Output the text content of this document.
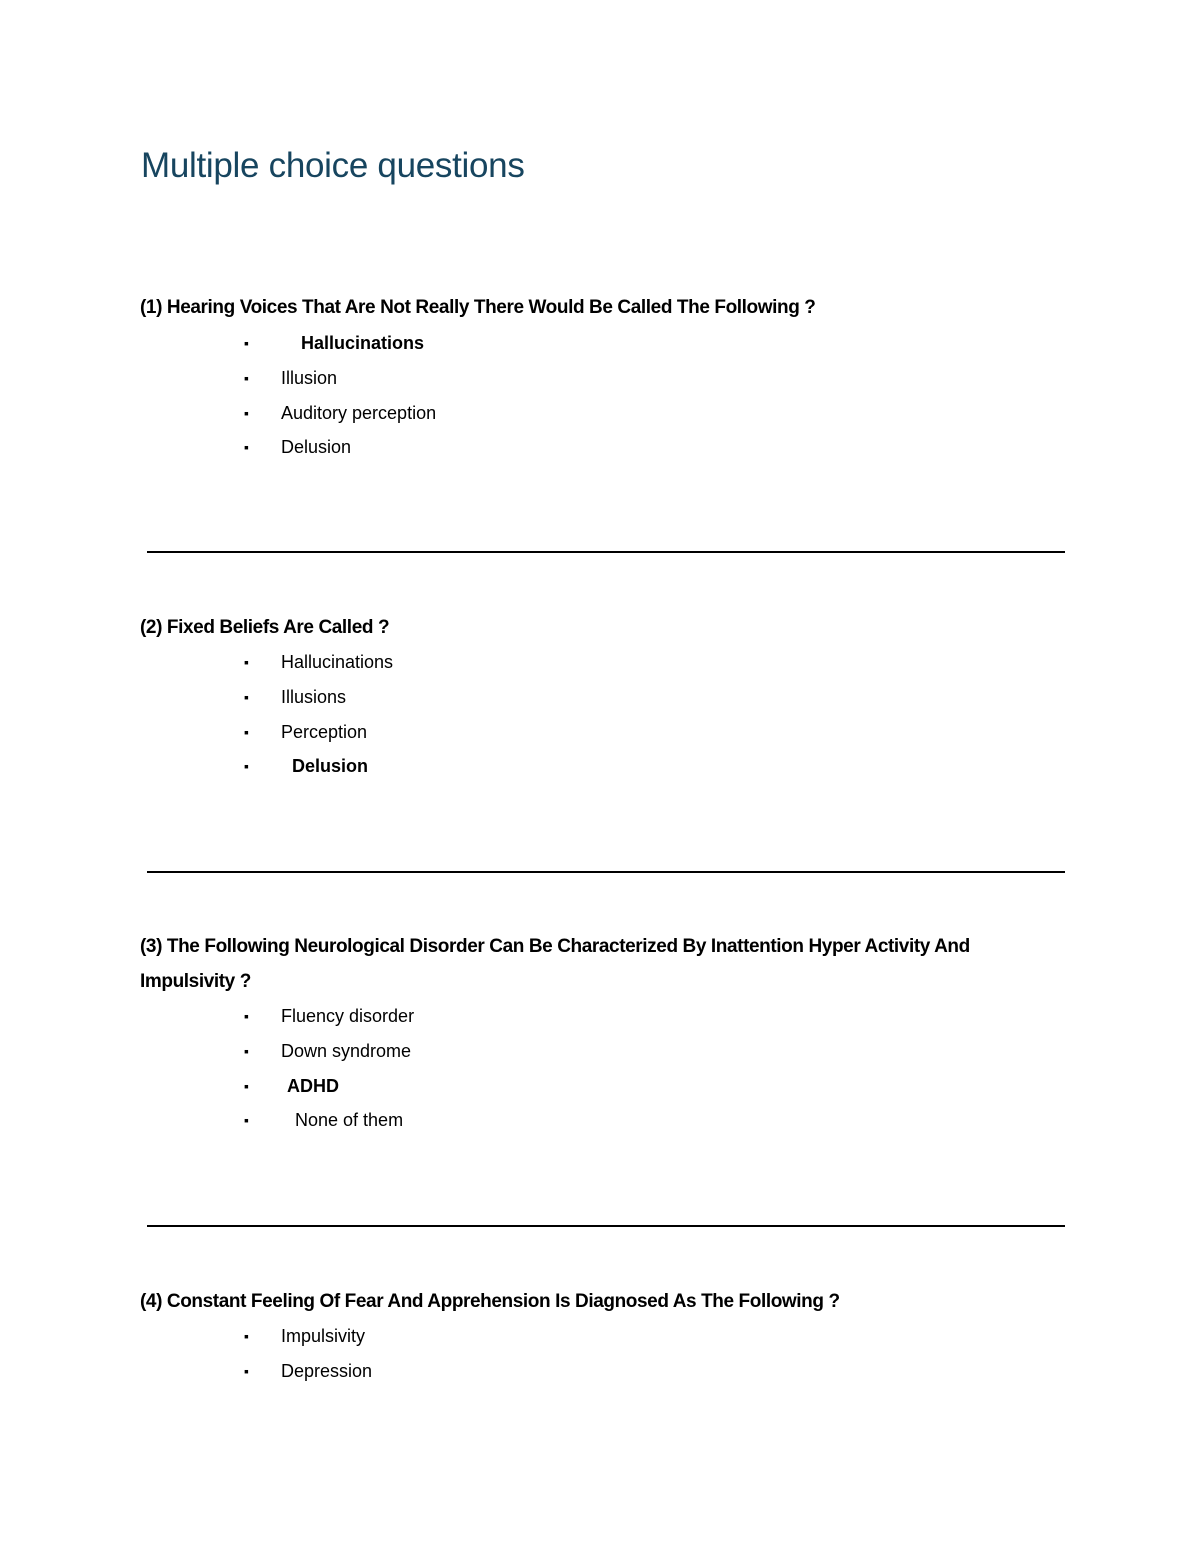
Multiple choice questions

(1) Hearing Voices That Are Not Really There Would Be Called The Following ?

▪	Hallucinations
▪ Illusion
▪ Auditory perception
▪ Delusion

(2) Fixed Beliefs Are Called ?

▪ Hallucinations
▪ Illusions
▪ Perception
▪ Delusion

(3) The Following Neurological Disorder Can Be Characterized By Inattention Hyper Activity And Impulsivity ?

▪ Fluency disorder
▪ Down syndrome
▪ ADHD
▪	None of them

(4) Constant Feeling Of Fear And Apprehension Is Diagnosed As The Following ?

▪ Impulsivity
▪ Depression
